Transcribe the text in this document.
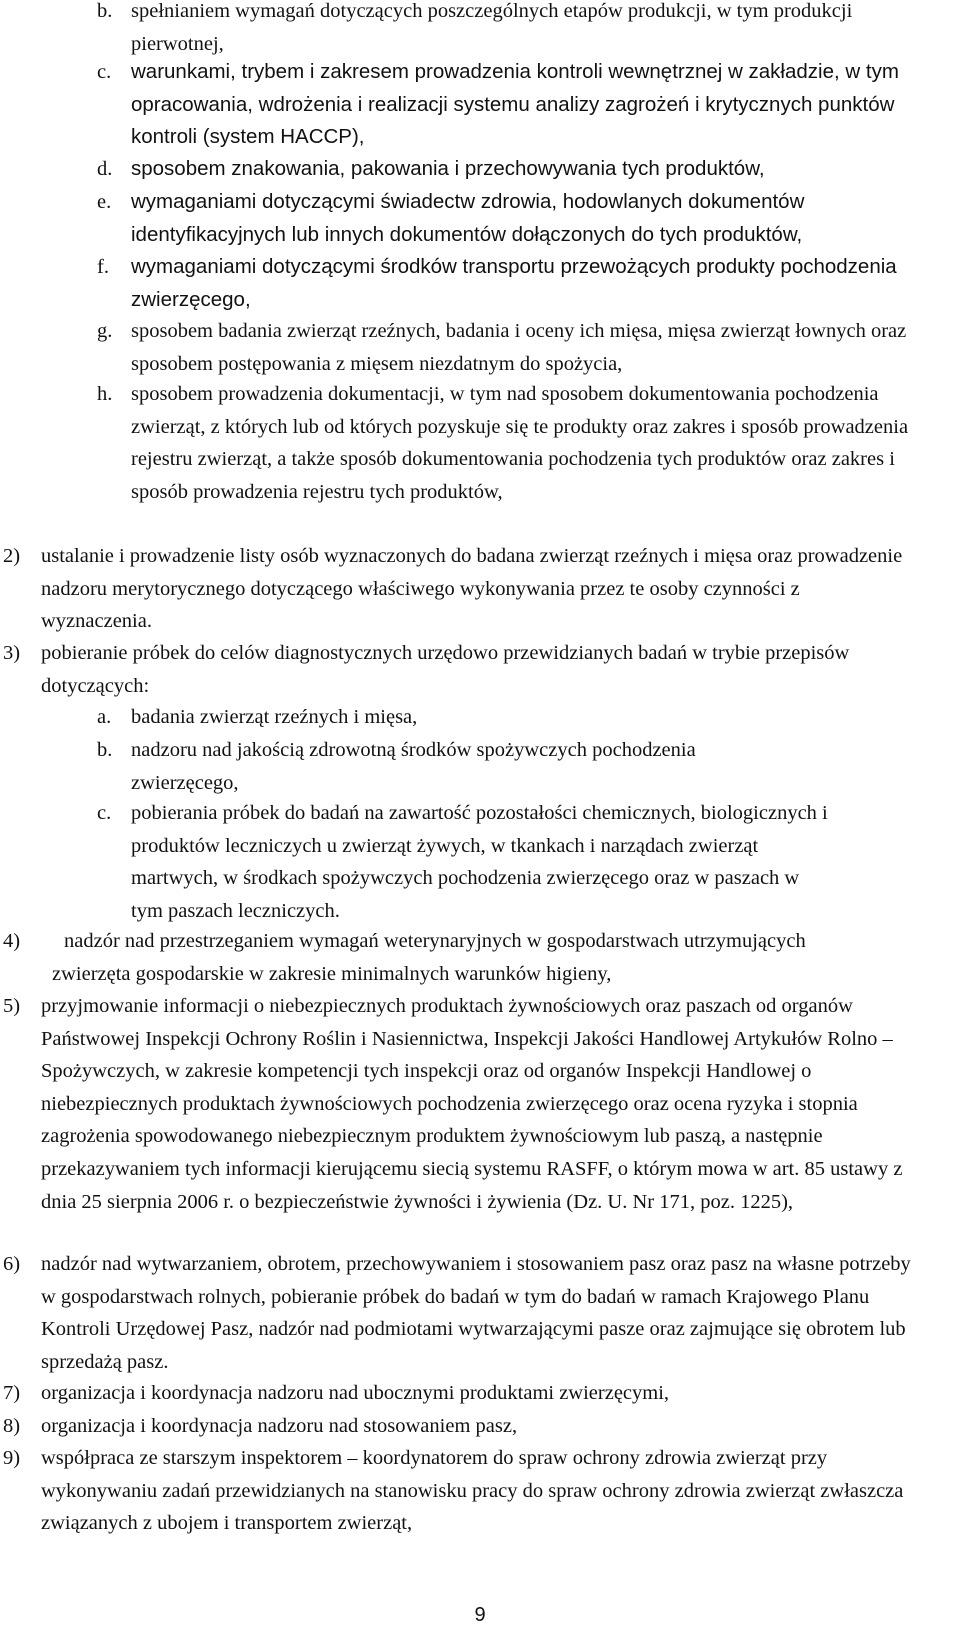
b. spełnianiem wymagań dotyczących poszczególnych etapów produkcji, w tym produkcji pierwotnej,
c. warunkami, trybem i zakresem prowadzenia kontroli wewnętrznej w zakładzie, w tym opracowania, wdrożenia i realizacji systemu analizy zagrożeń i krytycznych punktów kontroli (system HACCP),
d. sposobem znakowania, pakowania i przechowywania tych produktów,
e. wymaganiami dotyczącymi świadectw zdrowia, hodowlanych dokumentów identyfikacyjnych lub innych dokumentów dołączonych do tych produktów,
f. wymaganiami dotyczącymi środków transportu przewożących produkty pochodzenia zwierzęcego,
g. sposobem badania zwierząt rzeźnych, badania i oceny ich mięsa, mięsa zwierząt łownych oraz sposobem postępowania z mięsem niezdatnym do spożycia,
h. sposobem prowadzenia dokumentacji, w tym nad sposobem dokumentowania pochodzenia zwierząt, z których lub od których pozyskuje się te produkty oraz zakres i sposób prowadzenia rejestru zwierząt, a także sposób dokumentowania pochodzenia tych produktów oraz zakres i sposób prowadzenia rejestru tych produktów,
2) ustalanie i prowadzenie listy osób wyznaczonych do badana zwierząt rzeźnych i mięsa oraz prowadzenie nadzoru merytorycznego dotyczącego właściwego wykonywania przez te osoby czynności z wyznaczenia.
3) pobieranie próbek do celów diagnostycznych urzędowo przewidzianych badań w trybie przepisów dotyczących:
a. badania zwierząt rzeźnych i mięsa,
b. nadzoru nad jakością zdrowotną środków spożywczych pochodzenia zwierzęcego,
c. pobierania próbek do badań na zawartość pozostałości chemicznych, biologicznych i produktów leczniczych u zwierząt żywych, w tkankach i narządach zwierząt martwych, w środkach spożywczych pochodzenia zwierzęcego oraz w paszach w tym paszach leczniczych.
4)	nadzór nad przestrzeganiem wymagań weterynaryjnych w gospodarstwach utrzymujących zwierzęta gospodarskie w zakresie minimalnych warunków higieny,
5) przyjmowanie informacji o niebezpiecznych produktach żywnościowych oraz paszach od organów Państwowej Inspekcji Ochrony Roślin i Nasiennictwa, Inspekcji Jakości Handlowej Artykułów Rolno – Spożywczych, w zakresie kompetencji tych inspekcji oraz od organów Inspekcji Handlowej o niebezpiecznych produktach żywnościowych pochodzenia zwierzęcego oraz ocena ryzyka i stopnia zagrożenia spowodowanego niebezpiecznym produktem żywnościowym lub paszą, a następnie przekazywaniem tych informacji kierującemu siecią systemu RASFF, o którym mowa w art. 85 ustawy z dnia 25 sierpnia 2006 r. o bezpieczeństwie żywności i żywienia (Dz. U. Nr 171, poz. 1225),
6) nadzór nad wytwarzaniem, obrotem, przechowywaniem i stosowaniem pasz oraz pasz na własne potrzeby w gospodarstwach rolnych, pobieranie próbek do badań w tym do badań w ramach Krajowego Planu Kontroli Urzędowej Pasz, nadzór nad podmiotami wytwarzającymi pasze oraz zajmujące się obrotem lub sprzedażą pasz.
7) organizacja i koordynacja nadzoru nad ubocznymi produktami zwierzęcymi,
8) organizacja i koordynacja nadzoru nad stosowaniem pasz,
9) współpraca ze starszym inspektorem – koordynatorem do spraw ochrony zdrowia zwierząt przy wykonywaniu zadań przewidzianych na stanowisku pracy do spraw ochrony zdrowia zwierząt zwłaszcza związanych z ubojem i transportem zwierząt,
9
